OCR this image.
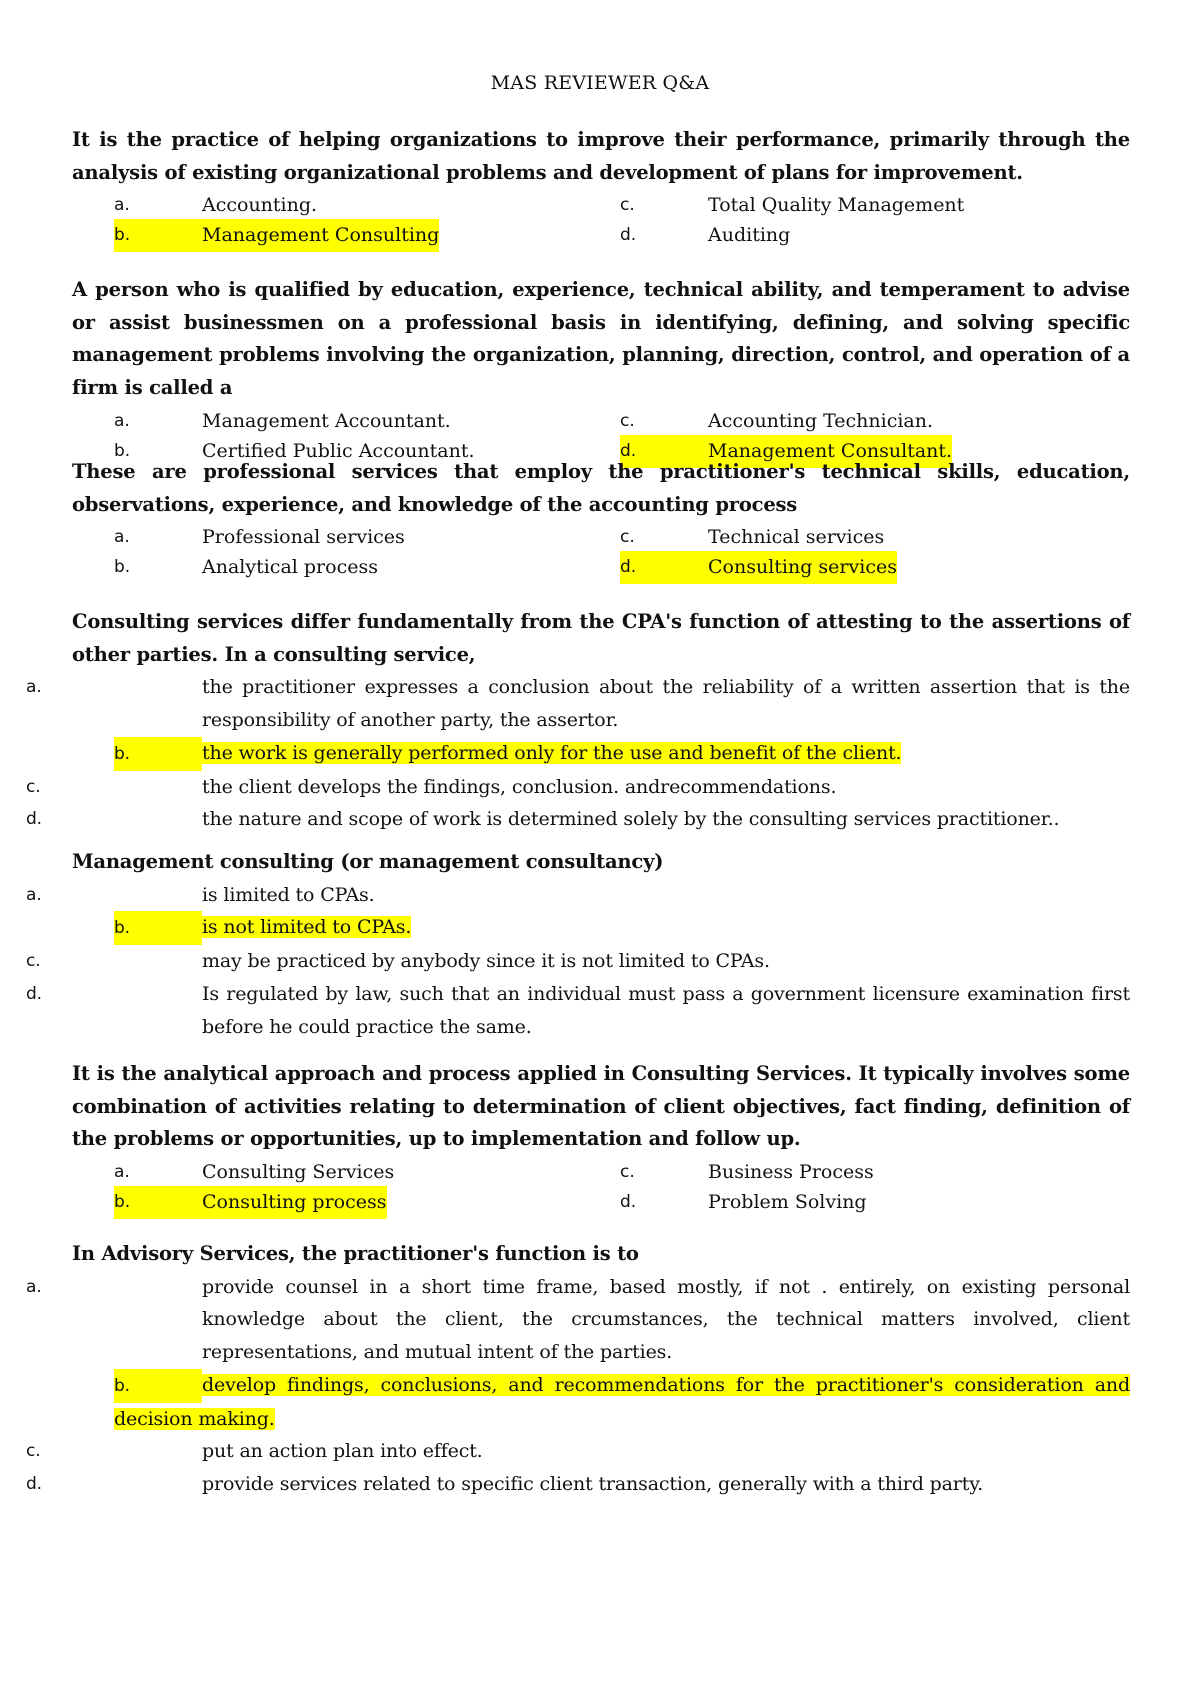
MAS REVIEWER Q&A
It is the practice of helping organizations to improve their performance, primarily through the analysis of existing organizational problems and development of plans for improvement.
a.	Accounting.
b.	Management Consulting
c.	Total Quality Management
d.	Auditing
A person who is qualified by education, experience, technical ability, and temperament to advise or assist businessmen on a professional basis in identifying, defining, and solving specific management problems involving the organization, planning, direction, control, and operation of a firm is called a
a.	Management Accountant.
b.	Certified Public Accountant.
c.	Accounting Technician.
d.	Management Consultant.
These are professional services that employ the practitioner's technical skills, education, observations, experience, and knowledge of the accounting process
a.	Professional services
b.	Analytical process
c.	Technical services
d.	Consulting services
Consulting services differ fundamentally from the CPA's function of attesting to the assertions of other parties. In a consulting service,
a.	the practitioner expresses a conclusion about the reliability of a written assertion that is the responsibility of another party, the assertor.
b.	the work is generally performed only for the use and benefit of the client.
c.	the client develops the findings, conclusion. andrecommendations.
d.	the nature and scope of work is determined solely by the consulting services practitioner..
Management consulting (or management consultancy)
a.	is limited to CPAs.
b.	is not limited to CPAs.
c.	may be practiced by anybody since it is not limited to CPAs.
d.	Is regulated by law, such that an individual must pass a government licensure examination first before he could practice the same.
It is the analytical approach and process applied in Consulting Services. It typically involves some combination of activities relating to determination of client objectives, fact finding, definition of the problems or opportunities, up to implementation and follow up.
a.	Consulting Services
b.	Consulting process
c.	Business Process
d.	Problem Solving
In Advisory Services, the practitioner's function is to
a.	provide counsel in a short time frame, based mostly, if not . entirely, on existing personal knowledge about the client, the crcumstances, the technical matters involved, client representations, and mutual intent of the parties.
b.	develop findings, conclusions, and recommendations for the practitioner's consideration and decision making.
c.	put an action plan into effect.
d.	provide services related to specific client transaction, generally with a third party.
